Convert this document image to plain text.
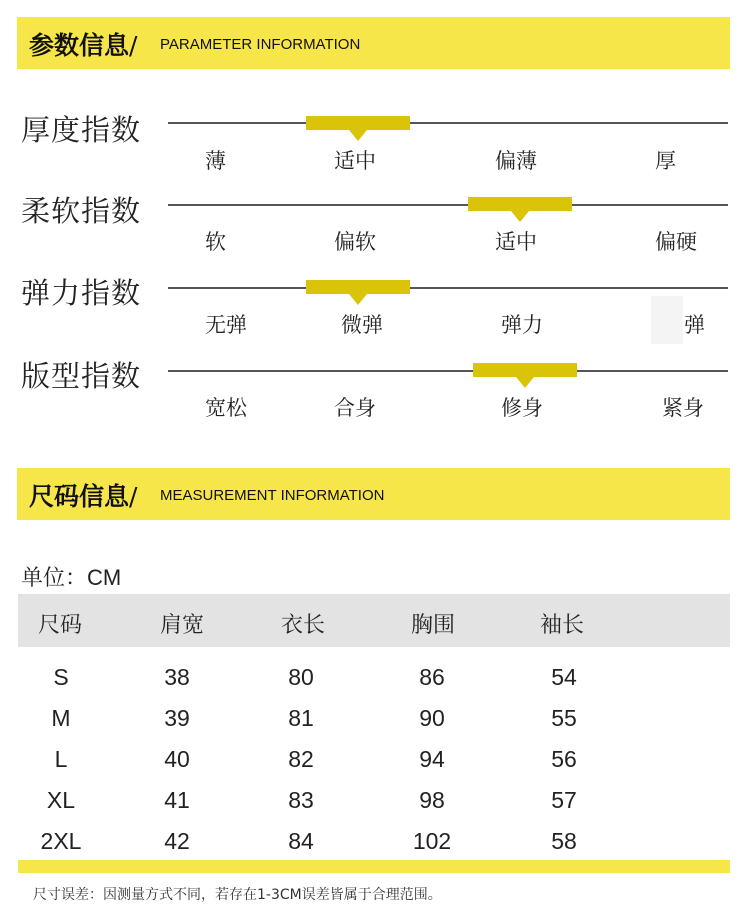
参数信息/ PARAMETER INFORMATION
厚度指数
薄	适中	偏薄	厚
柔软指数
软	偏软	适中	偏硬
弹力指数
无弹	微弹	弹力	弹
版型指数
宽松	合身	修身	紧身
尺码信息/ MEASUREMENT INFORMATION
单位：CM
尺码	肩宽	衣长	胸围	袖长
S	38	80	86	54
M	39	81	90	55
L	40	82	94	56
XL	41	83	98	57
2XL	42	84	102	58
尺寸误差：因测量方式不同，若存在1-3CM误差皆属于合理范围。
